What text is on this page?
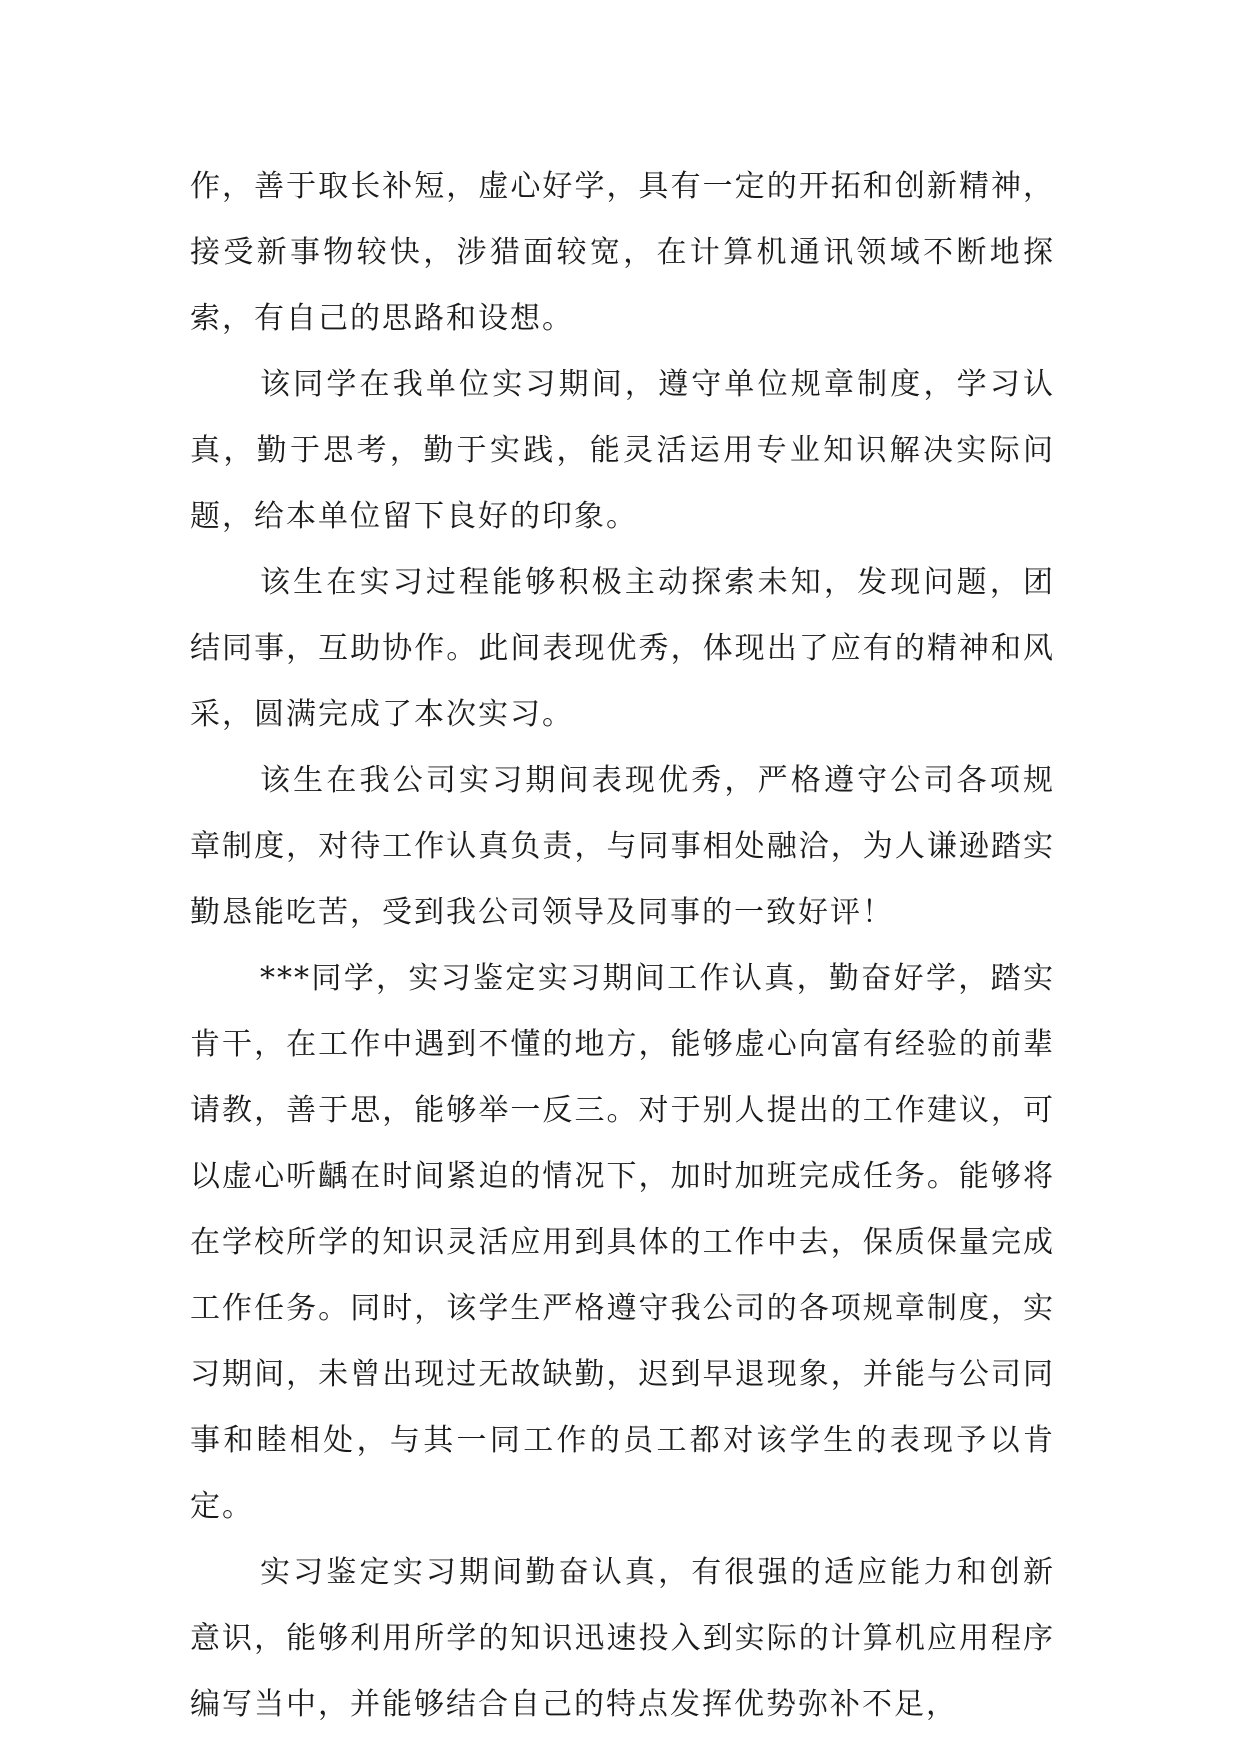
作，善于取长补短，虚心好学，具有一定的开拓和创新精神，接受新事物较快，涉猎面较宽，在计算机通讯领域不断地探索，有自己的思路和设想。

该同学在我单位实习期间，遵守单位规章制度，学习认真，勤于思考，勤于实践，能灵活运用专业知识解决实际问题，给本单位留下良好的印象。

该生在实习过程能够积极主动探索未知，发现问题，团结同事，互助协作。此间表现优秀，体现出了应有的精神和风采，圆满完成了本次实习。

该生在我公司实习期间表现优秀，严格遵守公司各项规章制度，对待工作认真负责，与同事相处融洽，为人谦逊踏实勤恳能吃苦，受到我公司领导及同事的一致好评！

***同学，实习鉴定实习期间工作认真，勤奋好学，踏实肯干，在工作中遇到不懂的地方，能够虚心向富有经验的前辈请教，善于思，能够举一反三。对于别人提出的工作建议，可以虚心听齲在时间紧迫的情况下，加时加班完成任务。能够将在学校所学的知识灵活应用到具体的工作中去，保质保量完成工作任务。同时，该学生严格遵守我公司的各项规章制度，实习期间，未曾出现过无故缺勤，迟到早退现象，并能与公司同事和睦相处，与其一同工作的员工都对该学生的表现予以肯定。

实习鉴定实习期间勤奋认真，有很强的适应能力和创新意识，能够利用所学的知识迅速投入到实际的计算机应用程序编写当中，并能够结合自己的特点发挥优势弥补不足，
